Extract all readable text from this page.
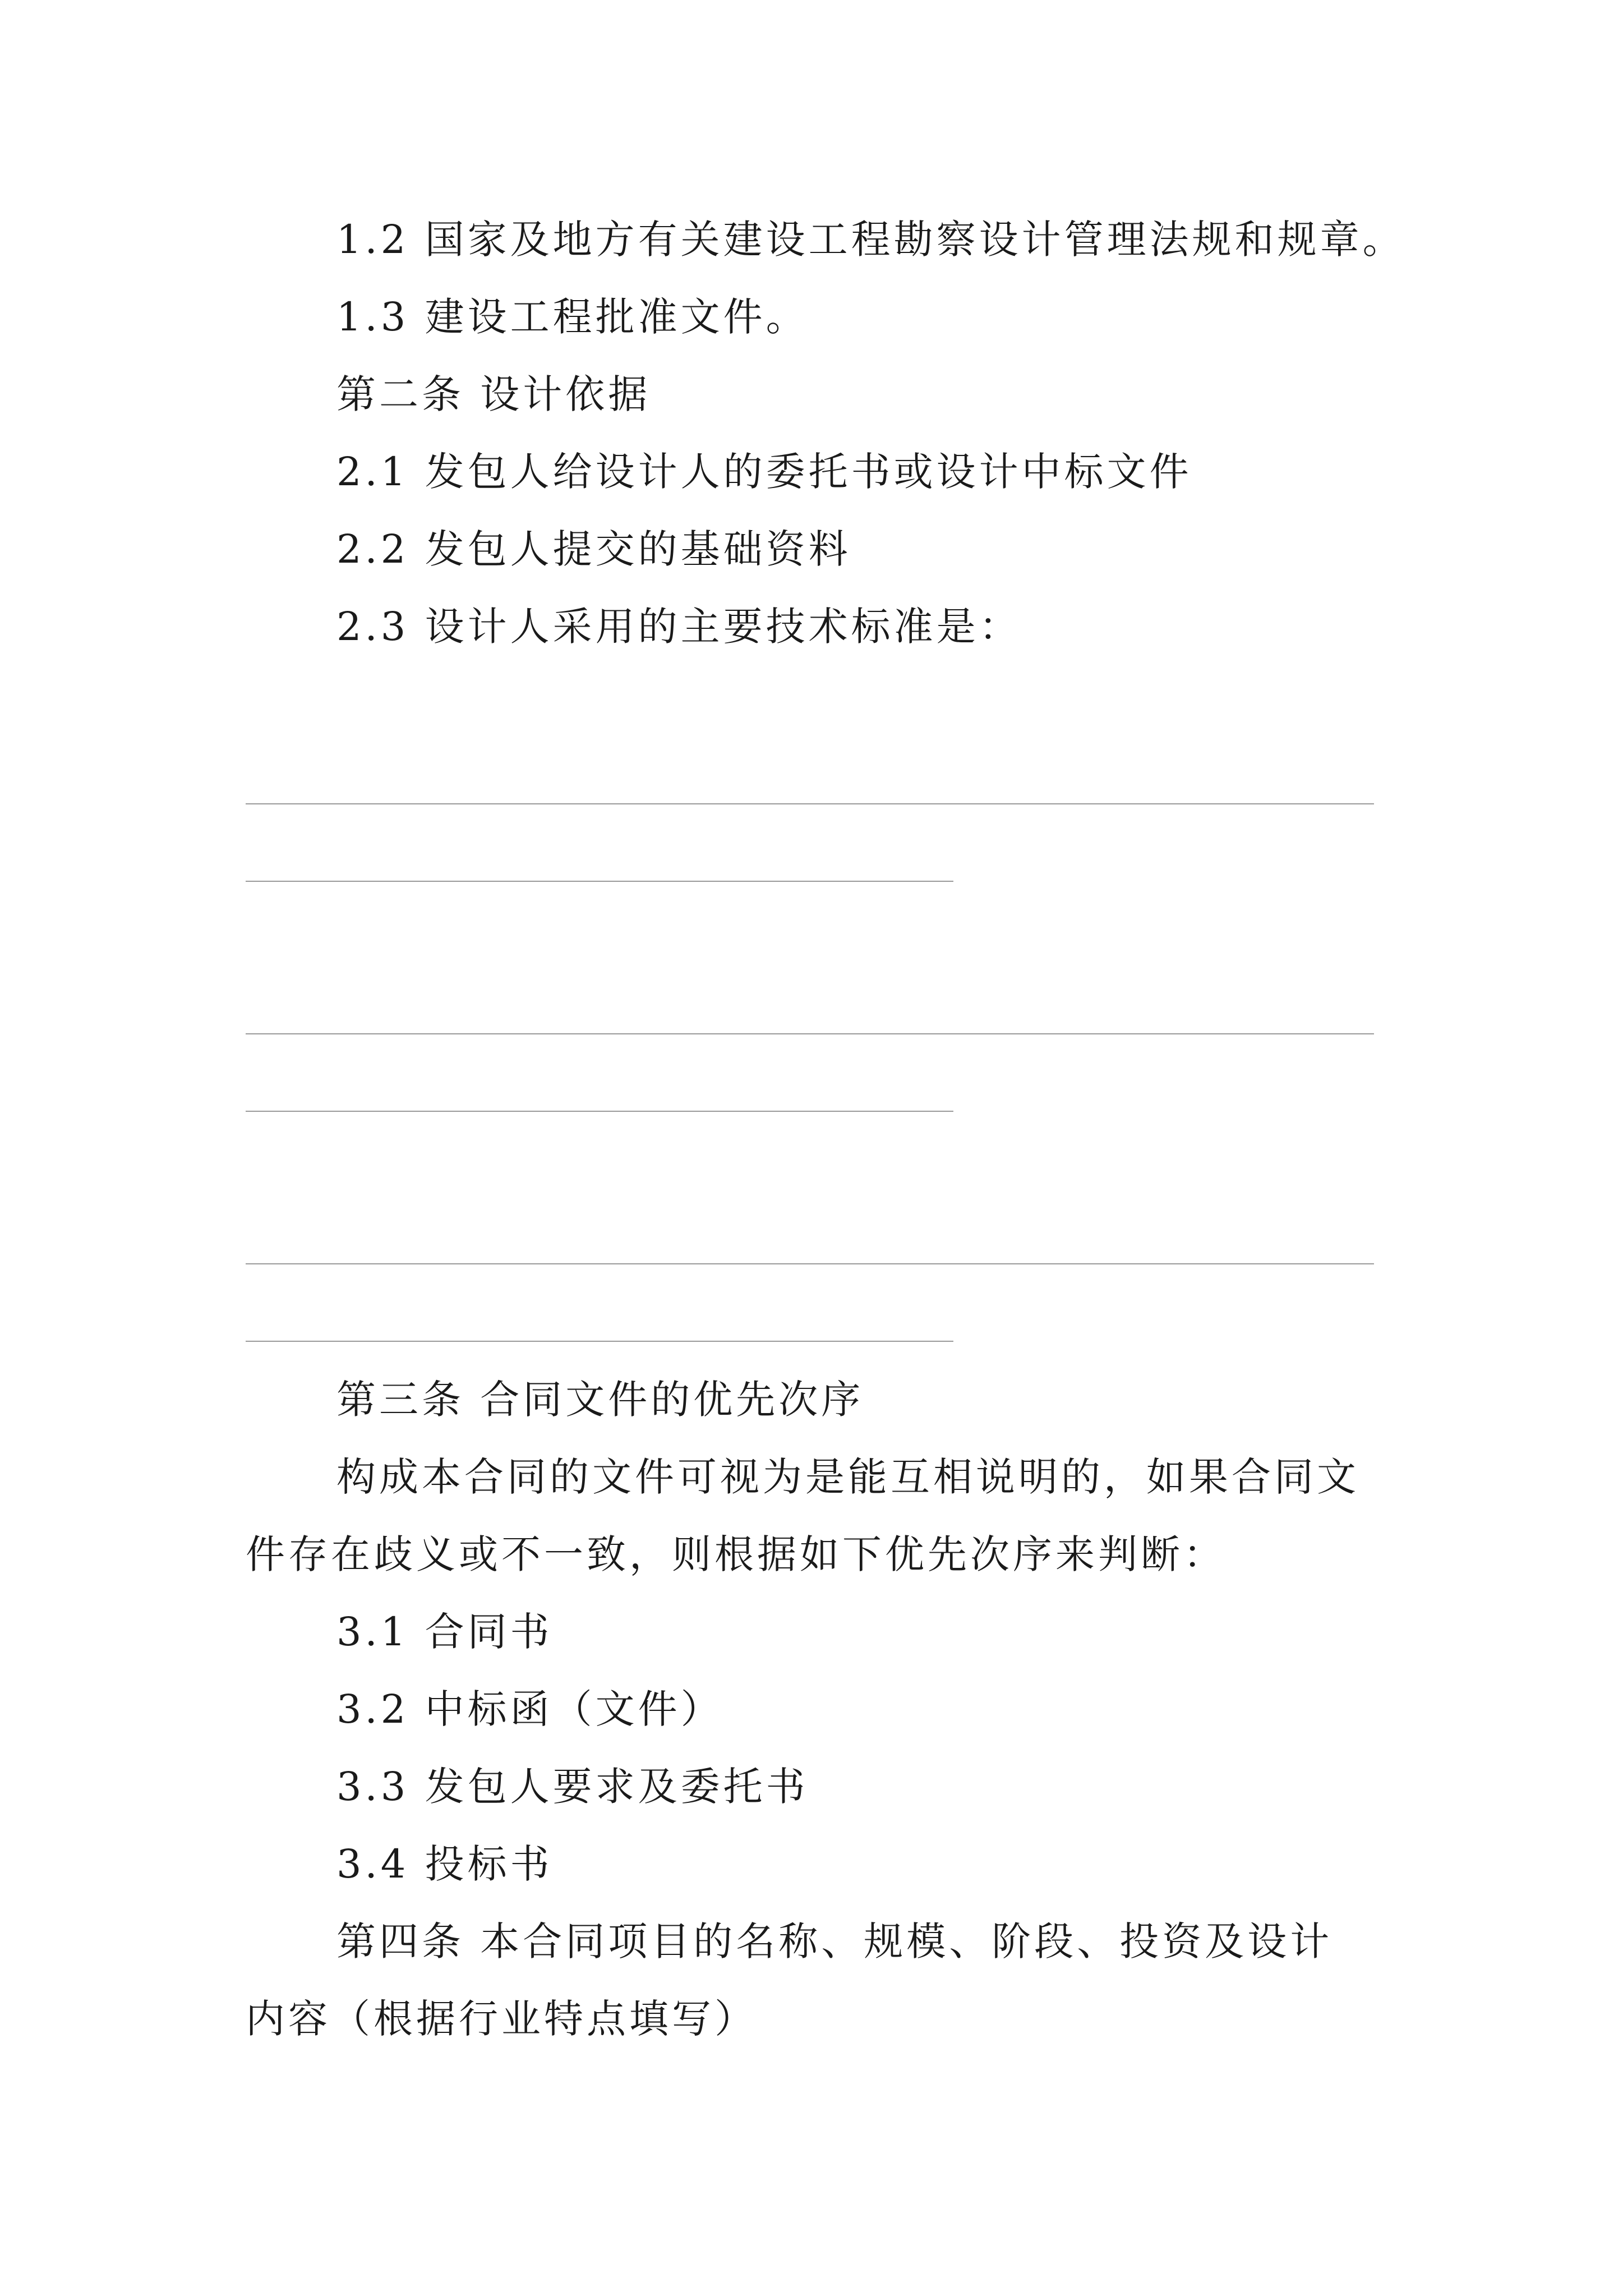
1.2 国家及地方有关建设工程勘察设计管理法规和规章。
1.3 建设工程批准文件。
第二条 设计依据
2.1 发包人给设计人的委托书或设计中标文件
2.2 发包人提交的基础资料
2.3 设计人采用的主要技术标准是：
第三条 合同文件的优先次序
构成本合同的文件可视为是能互相说明的，如果合同文
件存在歧义或不一致，则根据如下优先次序来判断：
3.1 合同书
3.2 中标函（文件）
3.3 发包人要求及委托书
3.4 投标书
第四条 本合同项目的名称、规模、阶段、投资及设计
内容（根据行业特点填写）
